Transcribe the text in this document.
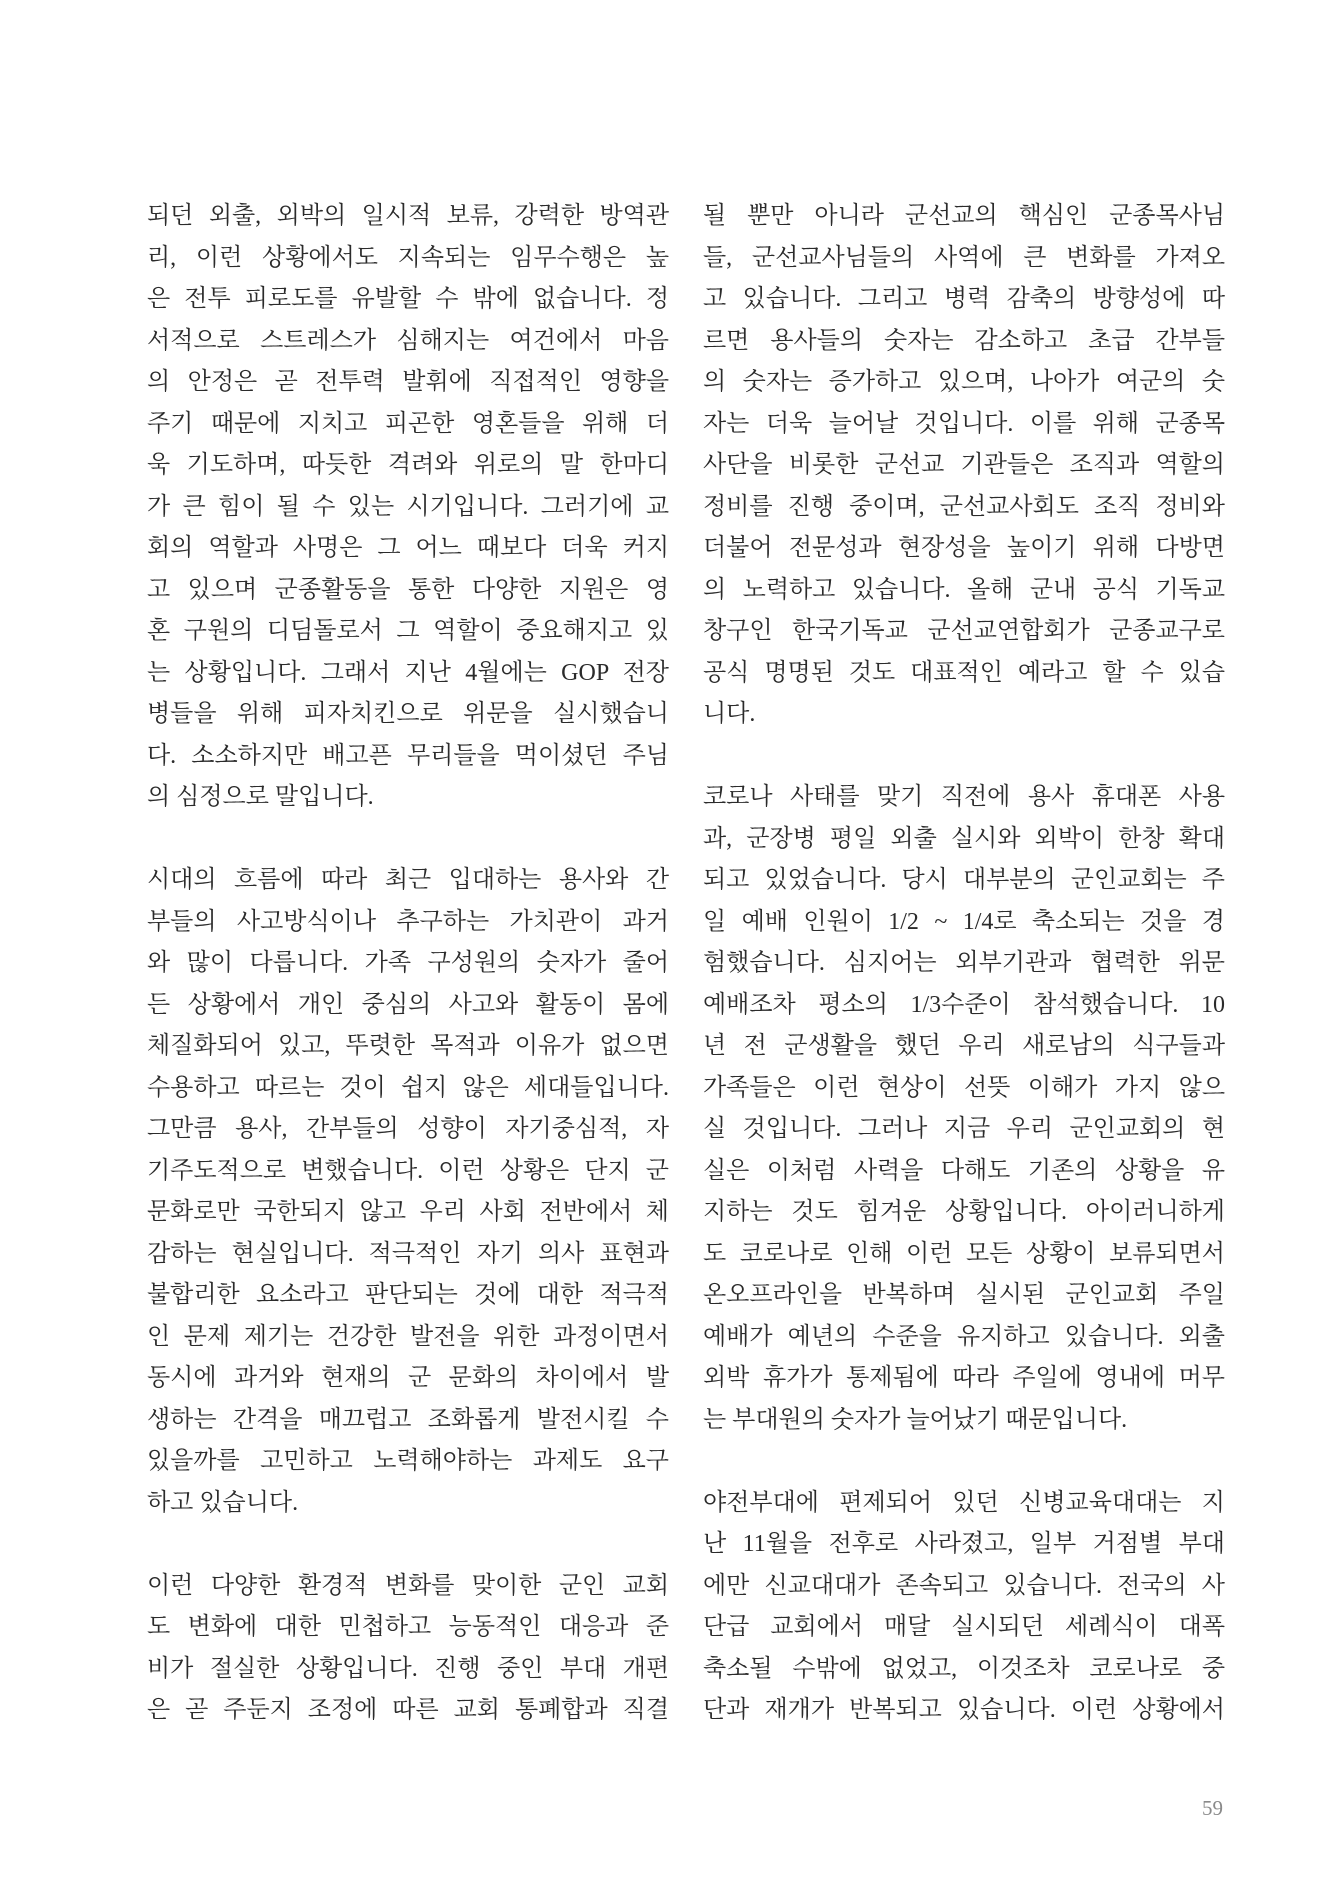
되던 외출, 외박의 일시적 보류, 강력한 방역관
리, 이런 상황에서도 지속되는 임무수행은 높
은 전투 피로도를 유발할 수 밖에 없습니다. 정
서적으로 스트레스가 심해지는 여건에서 마음
의 안정은 곧 전투력 발휘에 직접적인 영향을
주기 때문에 지치고 피곤한 영혼들을 위해 더
욱 기도하며, 따듯한 격려와 위로의 말 한마디
가 큰 힘이 될 수 있는 시기입니다. 그러기에 교
회의 역할과 사명은 그 어느 때보다 더욱 커지
고 있으며 군종활동을 통한 다양한 지원은 영
혼 구원의 디딤돌로서 그 역할이 중요해지고 있
는 상황입니다. 그래서 지난 4월에는 GOP 전장
병들을 위해 피자치킨으로 위문을 실시했습니
다. 소소하지만 배고픈 무리들을 먹이셨던 주님
의 심정으로 말입니다.
시대의 흐름에 따라 최근 입대하는 용사와 간
부들의 사고방식이나 추구하는 가치관이 과거
와 많이 다릅니다. 가족 구성원의 숫자가 줄어
든 상황에서 개인 중심의 사고와 활동이 몸에
체질화되어 있고, 뚜렷한 목적과 이유가 없으면
수용하고 따르는 것이 쉽지 않은 세대들입니다.
그만큼 용사, 간부들의 성향이 자기중심적, 자
기주도적으로 변했습니다. 이런 상황은 단지 군
문화로만 국한되지 않고 우리 사회 전반에서 체
감하는 현실입니다. 적극적인 자기 의사 표현과
불합리한 요소라고 판단되는 것에 대한 적극적
인 문제 제기는 건강한 발전을 위한 과정이면서
동시에 과거와 현재의 군 문화의 차이에서 발
생하는 간격을 매끄럽고 조화롭게 발전시킬 수
있을까를 고민하고 노력해야하는 과제도 요구
하고 있습니다.
이런 다양한 환경적 변화를 맞이한 군인 교회
도 변화에 대한 민첩하고 능동적인 대응과 준
비가 절실한 상황입니다. 진행 중인 부대 개편
은 곧 주둔지 조정에 따른 교회 통폐합과 직결
될 뿐만 아니라 군선교의 핵심인 군종목사님
들, 군선교사님들의 사역에 큰 변화를 가져오
고 있습니다. 그리고 병력 감축의 방향성에 따
르면 용사들의 숫자는 감소하고 초급 간부들
의 숫자는 증가하고 있으며, 나아가 여군의 숫
자는 더욱 늘어날 것입니다. 이를 위해 군종목
사단을 비롯한 군선교 기관들은 조직과 역할의
정비를 진행 중이며, 군선교사회도 조직 정비와
더불어 전문성과 현장성을 높이기 위해 다방면
의 노력하고 있습니다. 올해 군내 공식 기독교
창구인 한국기독교 군선교연합회가 군종교구로
공식 명명된 것도 대표적인 예라고 할 수 있습
니다.
코로나 사태를 맞기 직전에 용사 휴대폰 사용
과, 군장병 평일 외출 실시와 외박이 한창 확대
되고 있었습니다. 당시 대부분의 군인교회는 주
일 예배 인원이 1/2 ~ 1/4로 축소되는 것을 경
험했습니다. 심지어는 외부기관과 협력한 위문
예배조차 평소의 1/3수준이 참석했습니다. 10
년 전 군생활을 했던 우리 새로남의 식구들과
가족들은 이런 현상이 선뜻 이해가 가지 않으
실 것입니다. 그러나 지금 우리 군인교회의 현
실은 이처럼 사력을 다해도 기존의 상황을 유
지하는 것도 힘겨운 상황입니다. 아이러니하게
도 코로나로 인해 이런 모든 상황이 보류되면서
온오프라인을 반복하며 실시된 군인교회 주일
예배가 예년의 수준을 유지하고 있습니다. 외출
외박 휴가가 통제됨에 따라 주일에 영내에 머무
는 부대원의 숫자가 늘어났기 때문입니다.
야전부대에 편제되어 있던 신병교육대대는 지
난 11월을 전후로 사라졌고, 일부 거점별 부대
에만 신교대대가 존속되고 있습니다. 전국의 사
단급 교회에서 매달 실시되던 세례식이 대폭
축소될 수밖에 없었고, 이것조차 코로나로 중
단과 재개가 반복되고 있습니다. 이런 상황에서
59
